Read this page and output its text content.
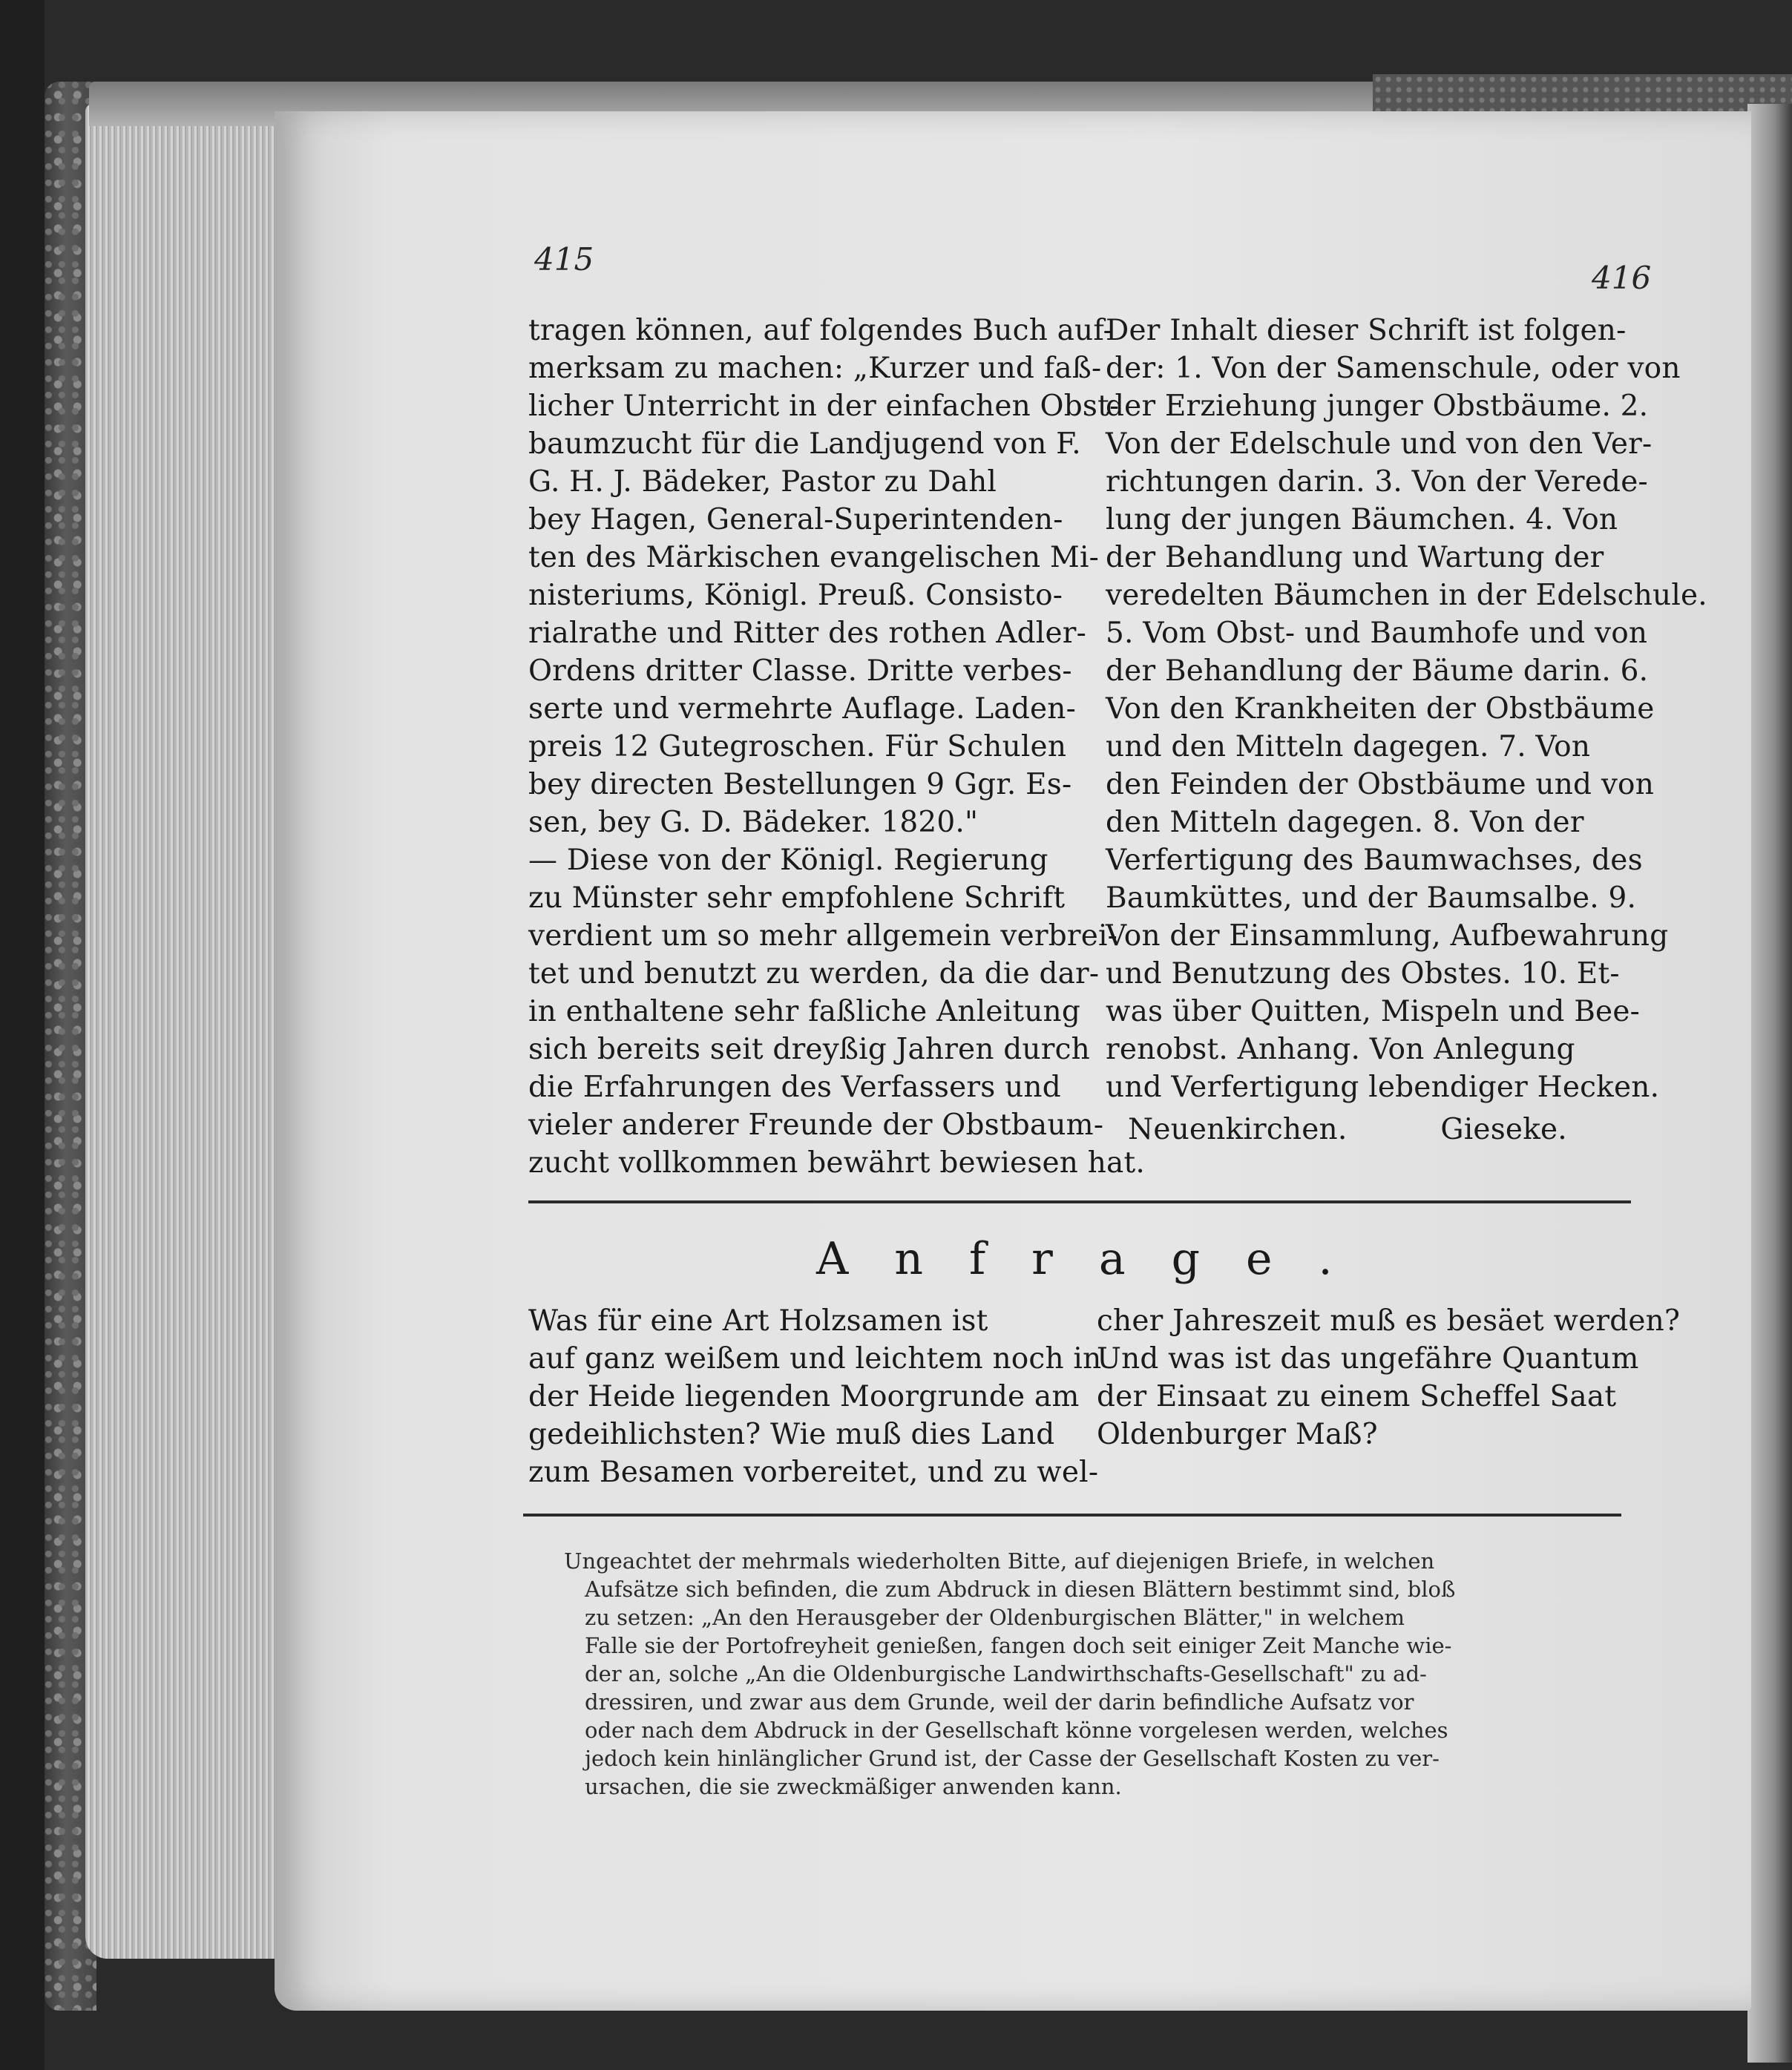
415
416
tragen können, auf folgendes Buch auf-
merksam zu machen: „Kurzer und faß-
licher Unterricht in der einfachen Obst-
baumzucht für die Landjugend von F.
G. H. J. Bädeker, Pastor zu Dahl
bey Hagen, General-Superintenden-
ten des Märkischen evangelischen Mi-
nisteriums, Königl. Preuß. Consisto-
rialrathe und Ritter des rothen Adler-
Ordens dritter Classe. Dritte verbes-
serte und vermehrte Auflage. Laden-
preis 12 Gutegroschen. Für Schulen
bey directen Bestellungen 9 Ggr. Es-
sen, bey G. D. Bädeker. 1820."
— Diese von der Königl. Regierung
zu Münster sehr empfohlene Schrift
verdient um so mehr allgemein verbrei-
tet und benutzt zu werden, da die dar-
in enthaltene sehr faßliche Anleitung
sich bereits seit dreyßig Jahren durch
die Erfahrungen des Verfassers und
vieler anderer Freunde der Obstbaum-
zucht vollkommen bewährt bewiesen hat.
Der Inhalt dieser Schrift ist folgen-
der: 1. Von der Samenschule, oder von
der Erziehung junger Obstbäume. 2.
Von der Edelschule und von den Ver-
richtungen darin. 3. Von der Verede-
lung der jungen Bäumchen. 4. Von
der Behandlung und Wartung der
veredelten Bäumchen in der Edelschule.
5. Vom Obst- und Baumhofe und von
der Behandlung der Bäume darin. 6.
Von den Krankheiten der Obstbäume
und den Mitteln dagegen. 7. Von
den Feinden der Obstbäume und von
den Mitteln dagegen. 8. Von der
Verfertigung des Baumwachses, des
Baumküttes, und der Baumsalbe. 9.
Von der Einsammlung, Aufbewahrung
und Benutzung des Obstes. 10. Et-
was über Quitten, Mispeln und Bee-
renobst. Anhang. Von Anlegung
und Verfertigung lebendiger Hecken.
Neuenkirchen.          Gieseke.
Anfrage.
Was für eine Art Holzsamen ist
auf ganz weißem und leichtem noch in
der Heide liegenden Moorgrunde am
gedeihlichsten? Wie muß dies Land
zum Besamen vorbereitet, und zu wel-
cher Jahreszeit muß es besäet werden?
Und was ist das ungefähre Quantum
der Einsaat zu einem Scheffel Saat
Oldenburger Maß?
Ungeachtet der mehrmals wiederholten Bitte, auf diejenigen Briefe, in welchen
Aufsätze sich befinden, die zum Abdruck in diesen Blättern bestimmt sind, bloß
zu setzen: „An den Herausgeber der Oldenburgischen Blätter," in welchem
Falle sie der Portofreyheit genießen, fangen doch seit einiger Zeit Manche wie-
der an, solche „An die Oldenburgische Landwirthschafts-Gesellschaft" zu ad-
dressiren, und zwar aus dem Grunde, weil der darin befindliche Aufsatz vor
oder nach dem Abdruck in der Gesellschaft könne vorgelesen werden, welches
jedoch kein hinlänglicher Grund ist, der Casse der Gesellschaft Kosten zu ver-
ursachen, die sie zweckmäßiger anwenden kann.
